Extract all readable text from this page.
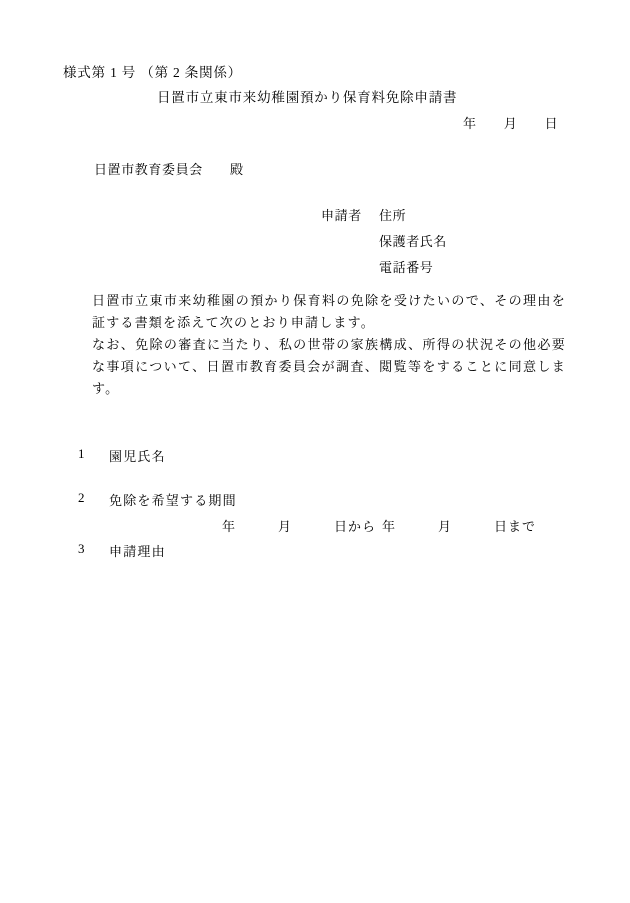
様式第 1 号 （第 2 条関係）
日置市立東市来幼稚園預かり保育料免除申請書
年　　月　　日
日置市教育委員会　　殿
申請者 住所
保護者氏名
電話番号

日置市立東市来幼稚園の預かり保育料の免除を受けたいので、その理由を証する書類を添えて次のとおり申請します。

なお、免除の審査に当たり、私の世帯の家族構成、所得の状況その他必要な事項について、日置市教育委員会が調査、閲覧等をすることに同意します。

1 園児氏名
2 免除を希望する期間
年　　　月　　　日から 年　　　月　　　日まで
3 申請理由
